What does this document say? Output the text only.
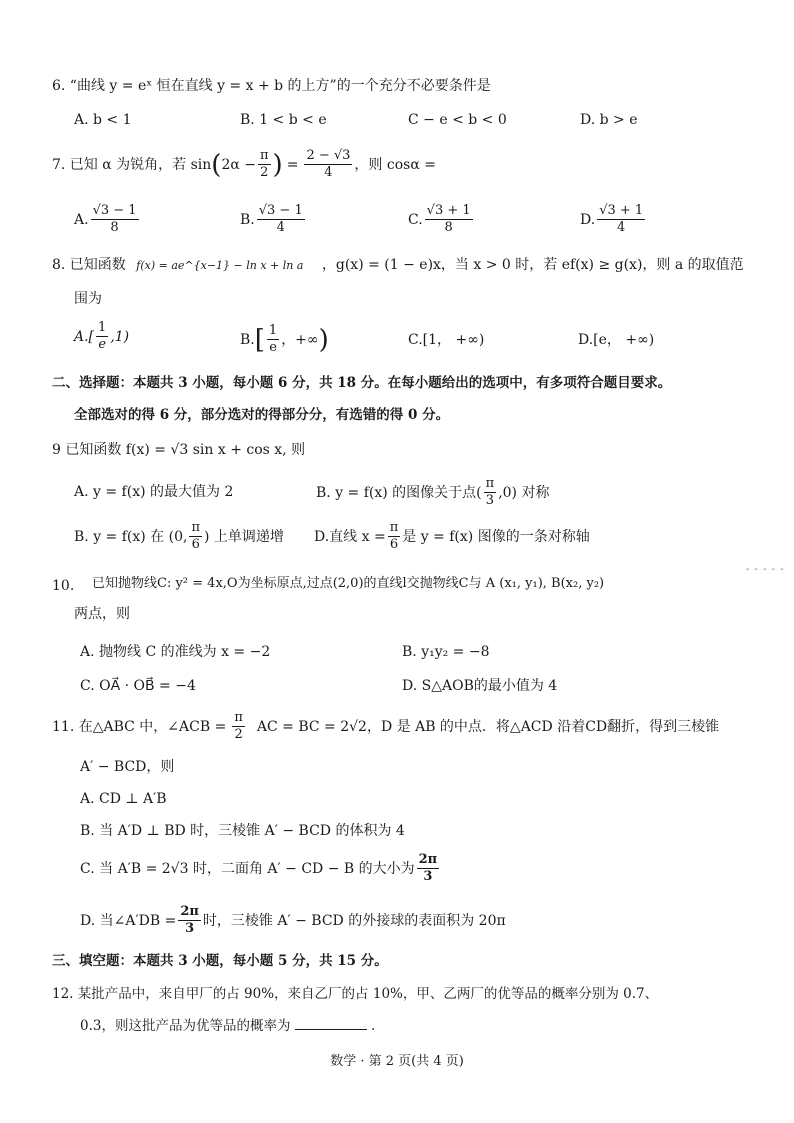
6. “曲线 y = eˣ 恒在直线 y = x + b 的上方”的一个充分不必要条件是
A. b < 1	B. 1 < b < e	C − e < b < 0	D. b > e
7. 已知 α 为锐角，若 sin ( $2\alpha - \frac{\pi}{2}$ ) = $\frac{2 - √3}{4}$ ，则 cosα =
A. $\frac{√3 - 1}{8}$	B. $\frac{√3 - 1}{4}$	C. $\frac{√3 + 1}{8}$	D. $\frac{√3 + 1}{4}$
8. 已知函数 f(x) = ae^{x−1} − ln x + ln a ，g(x) = (1 − e)x，当 x > 0 时，若 ef(x) ≥ g(x)，则 a 的取值范
围为
$A.[ \frac{1}{e} ,1)$	B. [ $\frac{1}{e}$ ，+∞ )	C.[1， +∞)	D.[e， +∞)
二、选择题：本题共 3 小题，每小题 6 分，共 18 分。在每小题给出的选项中，有多项符合题目要求。
全部选对的得 6 分，部分选对的得部分分，有选错的得 0 分。
9 已知函数 f(x) = √3 sin x + cos x, 则
A. y = f(x) 的最大值为 2	B. y = f(x) 的图像关于点( $\frac{\pi}{3} ,0$) 对称
B. y = f(x) 在 (0, $\frac{\pi}{6}$ ) 上单调递增 D.直线 $x = \frac{\pi}{6}$ 是 y = f(x) 图像的一条对称轴
- - - - -
10. 已知抛物线C: y² = 4x,O为坐标原点,过点(2,0)的直线l交抛物线C与 A (x₁, y₁), B(x₂, y₂)
两点，则
A. 抛物线 C 的准线为 x = −2	B. y₁y₂ = −8
C. OA⃗ · OB⃗ = −4	D. S△AOB的最小值为 4
11. 在△ABC 中，∠ACB = $\frac{\pi}{2}$ AC = BC = 2√2，D 是 AB 的中点．将△ACD 沿着CD翻折，得到三棱锥
A′ − BCD，则
A. CD ⊥ A′B
B. 当 A′D ⊥ BD 时，三棱锥 A′ − BCD 的体积为 4
C. 当 A′B = 2√3 时，二面角 A′ − CD − B 的大小为 $\frac{2\pi}{3}$
D. 当∠A′DB = $\frac{2\pi}{3}$ 时，三棱锥 A′ − BCD 的外接球的表面积为 20π
三、填空题：本题共 3 小题，每小题 5 分，共 15 分。
12. 某批产品中，来自甲厂的占 90%，来自乙厂的占 10%，甲、乙两厂的优等品的概率分别为 0.7、
0.3，则这批产品为优等品的概率为	．
数学 · 第 2 页(共 4 页)
